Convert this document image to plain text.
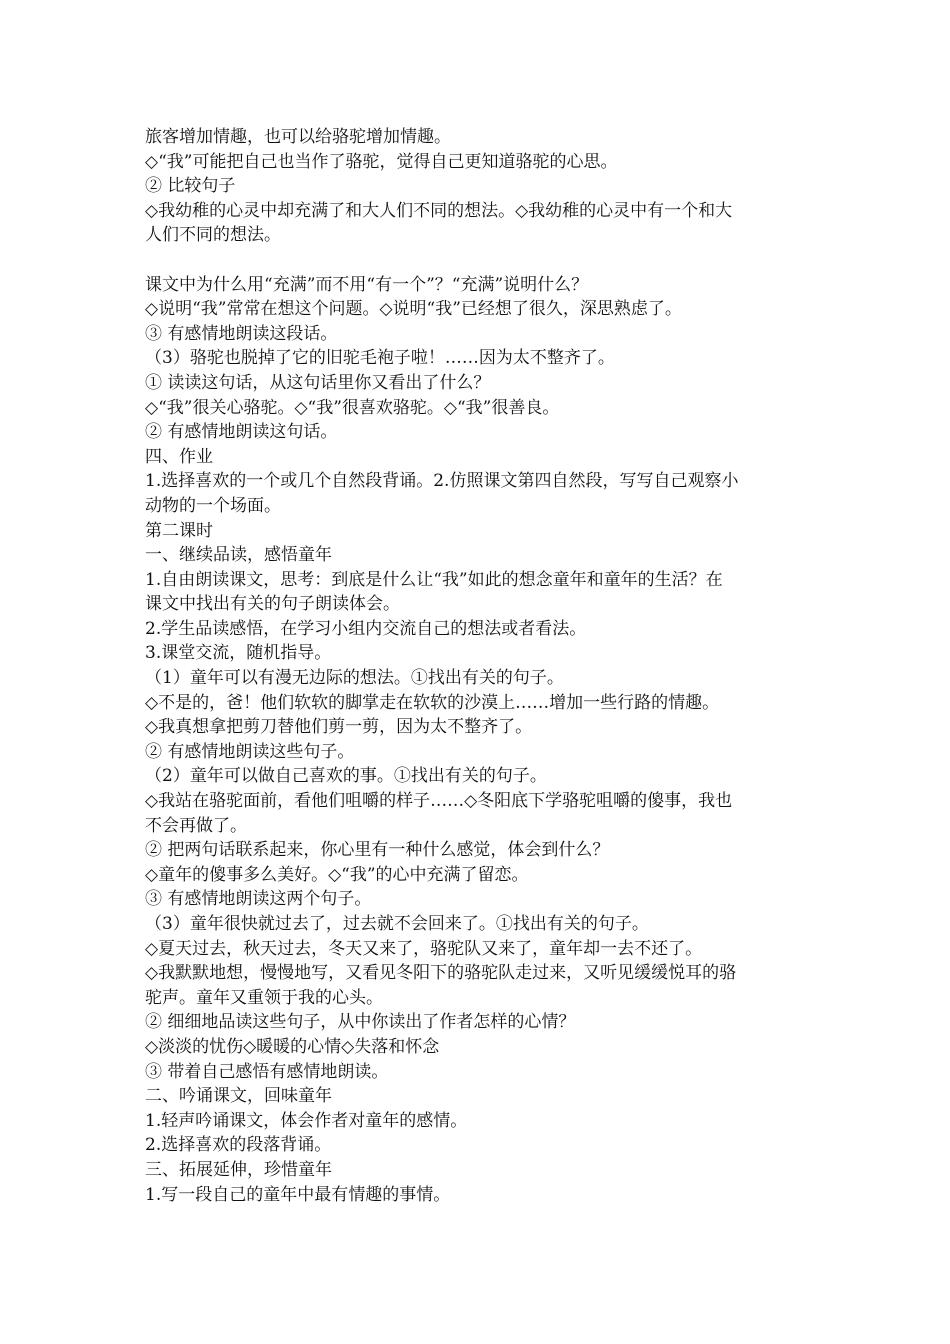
旅客增加情趣，也可以给骆驼增加情趣。
◇“我”可能把自己也当作了骆驼，觉得自己更知道骆驼的心思。
② 比较句子
◇我幼稚的心灵中却充满了和大人们不同的想法。◇我幼稚的心灵中有一个和大
人们不同的想法。
课文中为什么用“充满”而不用“有一个”？“充满”说明什么？
◇说明“我”常常在想这个问题。◇说明“我”已经想了很久，深思熟虑了。
③ 有感情地朗读这段话。
（3）骆驼也脱掉了它的旧驼毛袍子啦！……因为太不整齐了。
① 读读这句话，从这句话里你又看出了什么？
◇“我”很关心骆驼。◇“我”很喜欢骆驼。◇“我”很善良。
② 有感情地朗读这句话。
四、作业
1.选择喜欢的一个或几个自然段背诵。2.仿照课文第四自然段，写写自己观察小
动物的一个场面。
第二课时
一、继续品读，感悟童年
1.自由朗读课文，思考：到底是什么让“我”如此的想念童年和童年的生活？在
课文中找出有关的句子朗读体会。
2.学生品读感悟，在学习小组内交流自己的想法或者看法。
3.课堂交流，随机指导。
（1）童年可以有漫无边际的想法。①找出有关的句子。
◇不是的，爸！他们软软的脚掌走在软软的沙漠上……增加一些行路的情趣。
◇我真想拿把剪刀替他们剪一剪，因为太不整齐了。
② 有感情地朗读这些句子。
（2）童年可以做自己喜欢的事。①找出有关的句子。
◇我站在骆驼面前，看他们咀嚼的样子……◇冬阳底下学骆驼咀嚼的傻事，我也
不会再做了。
② 把两句话联系起来，你心里有一种什么感觉，体会到什么？
◇童年的傻事多么美好。◇“我”的心中充满了留恋。
③ 有感情地朗读这两个句子。
（3）童年很快就过去了，过去就不会回来了。①找出有关的句子。
◇夏天过去，秋天过去，冬天又来了，骆驼队又来了，童年却一去不还了。
◇我默默地想，慢慢地写，又看见冬阳下的骆驼队走过来，又听见缓缓悦耳的骆
驼声。童年又重领于我的心头。
② 细细地品读这些句子，从中你读出了作者怎样的心情？
◇淡淡的忧伤◇暖暖的心情◇失落和怀念
③ 带着自己感悟有感情地朗读。
二、吟诵课文，回味童年
1.轻声吟诵课文，体会作者对童年的感情。
2.选择喜欢的段落背诵。
三、拓展延伸，珍惜童年
1.写一段自己的童年中最有情趣的事情。
